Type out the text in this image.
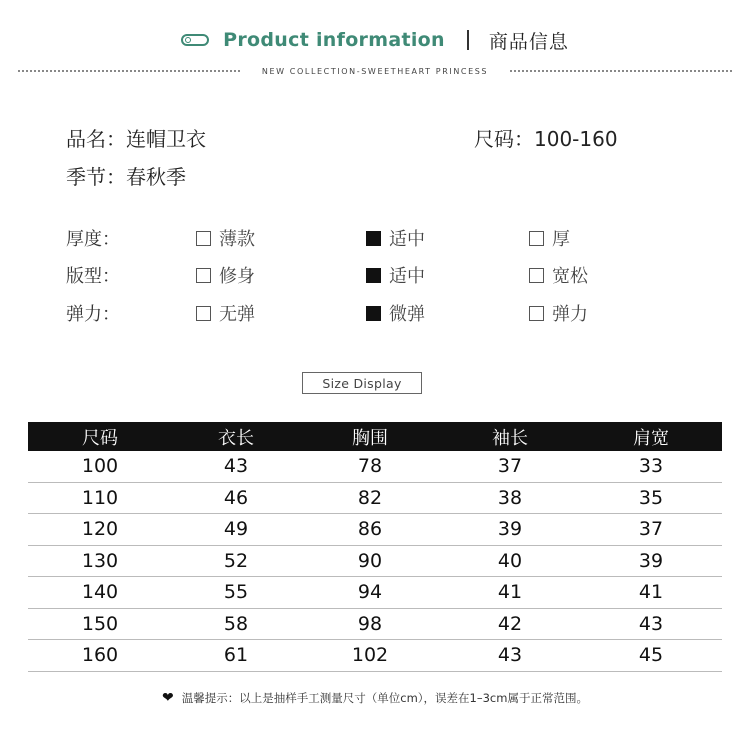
Product information 商品信息
NEW COLLECTION-SWEETHEART PRINCESS
品名：连帽卫衣	尺码：100-160
季节：春秋季
厚度：	薄款	适中	厚
版型：	修身	适中	宽松
弹力：	无弹	微弹	弹力
Size Display
尺码	衣长	胸围	袖长	肩宽
100	43	78	37	33
110	46	82	38	35
120	49	86	39	37
130	52	90	40	39
140	55	94	41	41
150	58	98	42	43
160	61	102	43	45
❤ 温馨提示：以上是抽样手工测量尺寸（单位cm），误差在1–3cm属于正常范围。
